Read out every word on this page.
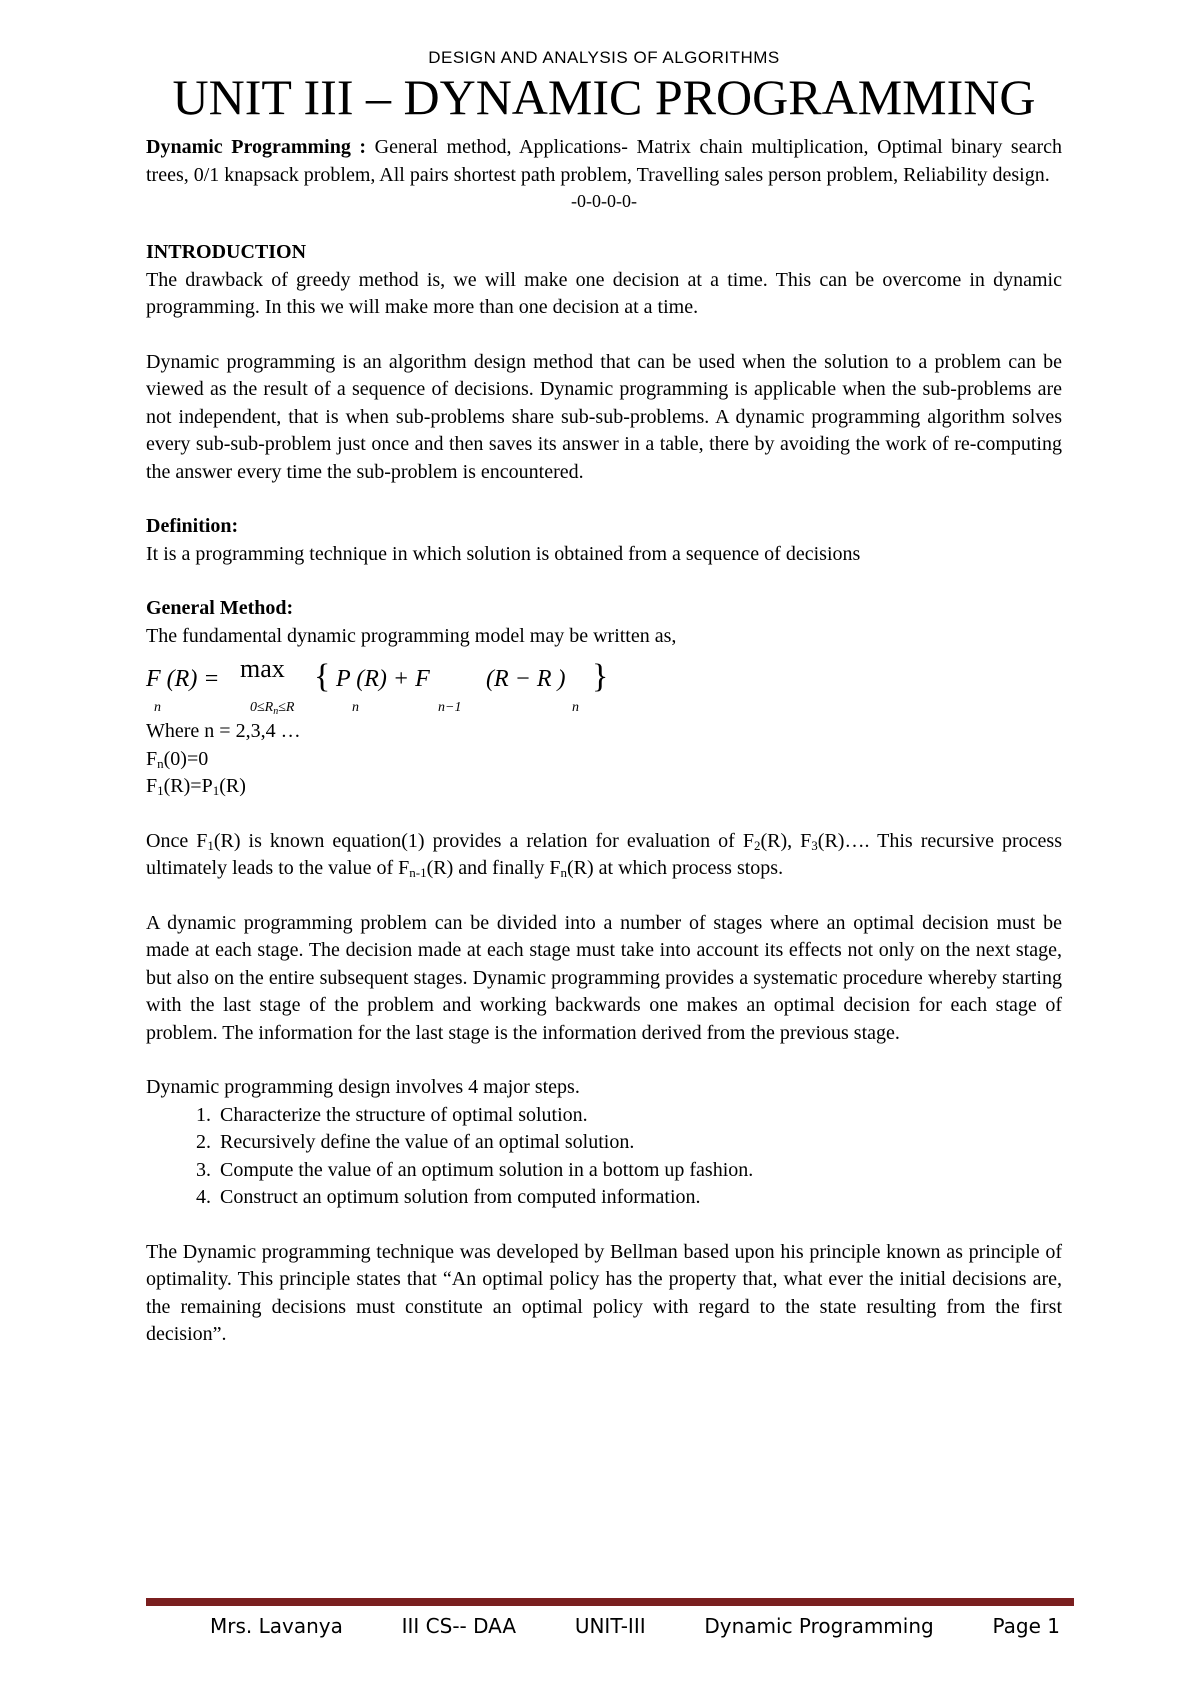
DESIGN AND ANALYSIS OF ALGORITHMS
UNIT III – DYNAMIC PROGRAMMING

Dynamic Programming : General method, Applications- Matrix chain multiplication, Optimal binary search trees, 0/1 knapsack problem, All pairs shortest path problem, Travelling sales person problem, Reliability design.

-0-0-0-0-
INTRODUCTION

The drawback of greedy method is, we will make one decision at a time. This can be overcome in dynamic programming. In this we will make more than one decision at a time.

Dynamic programming is an algorithm design method that can be used when the solution to a problem can be viewed as the result of a sequence of decisions. Dynamic programming is applicable when the sub-problems are not independent, that is when sub-problems share sub-sub-problems. A dynamic programming algorithm solves every sub-sub-problem just once and then saves its answer in a table, there by avoiding the work of re-computing the answer every time the sub-problem is encountered.

Definition:

It is a programming technique in which solution is obtained from a sequence of decisions

General Method:

The fundamental dynamic programming model may be written as,

F (R) = max { P (R) + F (R − R ) }
n	$0\le R_n\le R$	n	n−1	n

Where n = 2,3,4 …

$F_n(0)=0$

$F_1(R)=P_1(R)$

Once $F_1(R)$ is known equation(1) provides a relation for evaluation of $F_2(R)$, $F_3(R)\dots$. This recursive process ultimately leads to the value of $F_{n-1}(R)$ and finally $F_n(R)$ at which process stops.

A dynamic programming problem can be divided into a number of stages where an optimal decision must be made at each stage. The decision made at each stage must take into account its effects not only on the next stage, but also on the entire subsequent stages. Dynamic programming provides a systematic procedure whereby starting with the last stage of the problem and working backwards one makes an optimal decision for each stage of problem. The information for the last stage is the information derived from the previous stage.

Dynamic programming design involves 4 major steps.

1. Characterize the structure of optimal solution.
2. Recursively define the value of an optimal solution.
3. Compute the value of an optimum solution in a bottom up fashion.
4. Construct an optimum solution from computed information.

The Dynamic programming technique was developed by Bellman based upon his principle known as principle of optimality. This principle states that “An optimal policy has the property that, what ever the initial decisions are, the remaining decisions must constitute an optimal policy with regard to the state resulting from the first decision”.

Mrs. Lavanya	III CS-- DAA	UNIT-III	Dynamic Programming	Page 1
